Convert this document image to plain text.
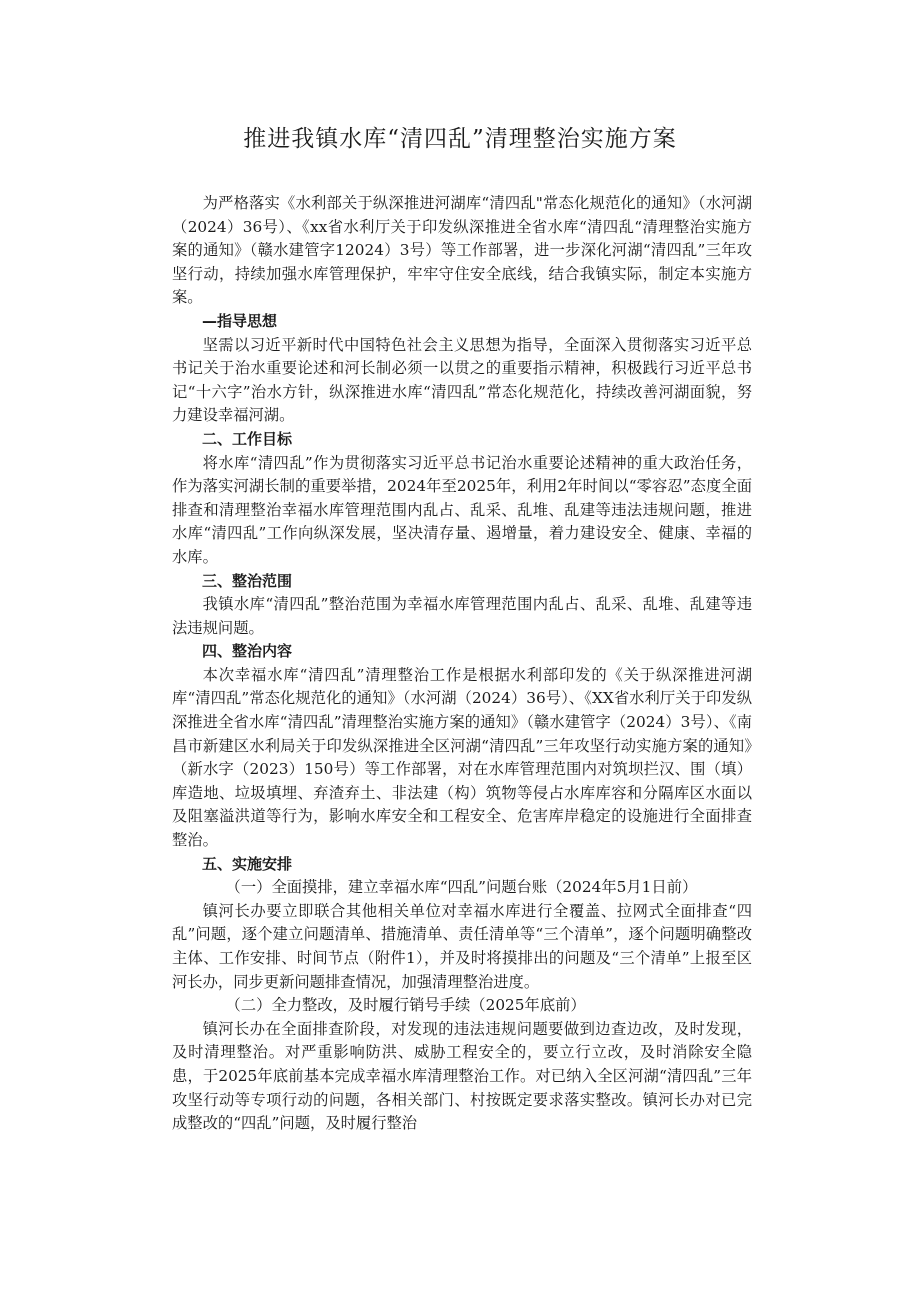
推进我镇水库“清四乱”清理整治实施方案

为严格落实《水利部关于纵深推进河湖库“清四乱"常态化规范化的通知》（水河湖（2024）36号）、《xx省水利厅关于印发纵深推进全省水库“清四乱“清理整治实施方案的通知》（赣水建管字12024）3号）等工作部署，进一步深化河湖“清四乱”三年攻坚行动，持续加强水库管理保护，牢牢守住安全底线，结合我镇实际，制定本实施方案。

—指导思想

坚需以习近平新时代中国特色社会主义思想为指导，全面深入贯彻落实习近平总书记关于治水重要论述和河长制必须一以贯之的重要指示精神，积极践行习近平总书记“十六字”治水方针，纵深推进水库“清四乱”常态化规范化，持续改善河湖面貌，努力建设幸福河湖。

二、工作目标

将水库“清四乱”作为贯彻落实习近平总书记治水重要论述精神的重大政治任务，作为落实河湖长制的重要举措，2024年至2025年，利用2年时间以“零容忍”态度全面排查和清理整治幸福水库管理范围内乱占、乱采、乱堆、乱建等违法违规问题，推进水库“清四乱”工作向纵深发展，坚决清存量、遏增量，着力建设安全、健康、幸福的水库。

三、整治范围

我镇水库“清四乱”整治范围为幸福水库管理范围内乱占、乱采、乱堆、乱建等违法违规问题。

四、整治内容

本次幸福水库“清四乱”清理整治工作是根据水利部印发的《关于纵深推进河湖库“清四乱”常态化规范化的通知》（水河湖（2024）36号）、《XX省水利厅关于印发纵深推进全省水库“清四乱”清理整治实施方案的通知》（赣水建管字（2024）3号）、《南昌市新建区水利局关于印发纵深推进全区河湖“清四乱”三年攻坚行动实施方案的通知》（新水字（2023）150号）等工作部署，对在水库管理范围内对筑坝拦汉、围（填）库造地、垃圾填埋、弃渣弃土、非法建（构）筑物等侵占水库库容和分隔库区水面以及阻塞溢洪道等行为，影响水库安全和工程安全、危害库岸稳定的设施进行全面排查整治。

五、实施安排

（一）全面摸排，建立幸福水库“四乱”问题台账（2024年5月1日前）

镇河长办要立即联合其他相关单位对幸福水库进行全覆盖、拉网式全面排查“四乱”问题，逐个建立问题清单、措施清单、责任清单等“三个清单”，逐个问题明确整改主体、工作安排、时间节点（附件1），并及时将摸排出的问题及“三个清单”上报至区河长办，同步更新问题排查情况，加强清理整治进度。

（二）全力整改，及时履行销号手续（2025年底前）

镇河长办在全面排查阶段，对发现的违法违规问题要做到边查边改，及时发现，及时清理整治。对严重影响防洪、威胁工程安全的，要立行立改，及时消除安全隐患，于2025年底前基本完成幸福水库清理整治工作。对已纳入全区河湖“清四乱”三年攻坚行动等专项行动的问题，各相关部门、村按既定要求落实整改。镇河长办对已完成整改的“四乱”问题，及时履行整治
